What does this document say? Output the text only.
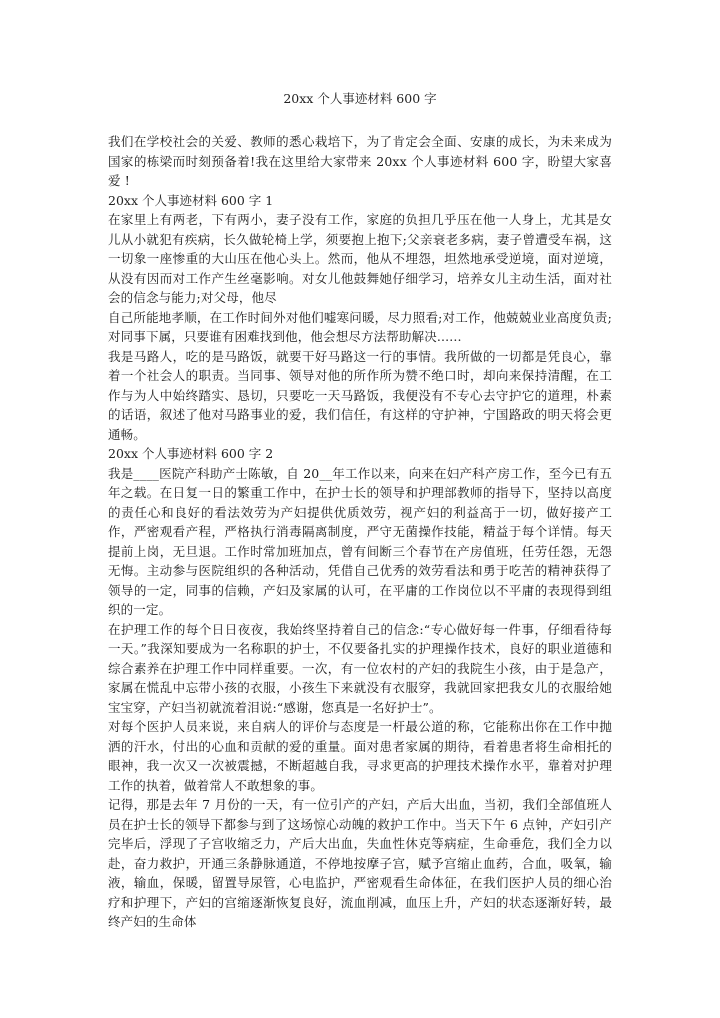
20xx 个人事迹材料 600 字

我们在学校社会的关爱、教师的悉心栽培下，为了肯定会全面、安康的成长，为未来成为国家的栋梁而时刻预备着!我在这里给大家带来 20xx 个人事迹材料 600 字，盼望大家喜爱 !

20xx 个人事迹材料 600 字 1

在家里上有两老，下有两小，妻子没有工作，家庭的负担几乎压在他一人身上，尤其是女儿从小就犯有疾病，长久做轮椅上学，须要抱上抱下;父亲衰老多病，妻子曾遭受车祸，这一切象一座惨重的大山压在他心头上。然而，他从不埋怨，坦然地承受逆境，面对逆境，从没有因而对工作产生丝毫影响。对女儿他鼓舞她仔细学习，培养女儿主动生活，面对社会的信念与能力;对父母，他尽

自己所能地孝顺，在工作时间外对他们嘘寒问暖，尽力照看;对工作，他兢兢业业高度负责;对同事下属，只要谁有困难找到他，他会想尽方法帮助解决......

我是马路人，吃的是马路饭，就要干好马路这一行的事情。我所做的一切都是凭良心，靠着一个社会人的职责。当同事、领导对他的所作所为赞不绝口时，却向来保持清醒，在工作与为人中始终踏实、恳切，只要吃一天马路饭，我便没有不专心去守护它的道理，朴素的话语，叙述了他对马路事业的爱，我们信任，有这样的守护神，宁国路政的明天将会更通畅。

20xx 个人事迹材料 600 字 2

我是____医院产科助产士陈敏，自 20__年工作以来，向来在妇产科产房工作，至今已有五年之载。在日复一日的繁重工作中，在护士长的领导和护理部教师的指导下，坚持以高度的责任心和良好的看法效劳为产妇提供优质效劳，视产妇的利益高于一切，做好接产工作，严密观看产程，严格执行消毒隔离制度，严守无菌操作技能，精益于每个详情。每天提前上岗，无旦退。工作时常加班加点，曾有间断三个春节在产房值班，任劳任怨，无怨无悔。主动参与医院组织的各种活动，凭借自己优秀的效劳看法和勇于吃苦的精神获得了领导的一定，同事的信赖，产妇及家属的认可，在平庸的工作岗位以不平庸的表现得到组织的一定。

在护理工作的每个日日夜夜，我始终坚持着自己的信念:“专心做好每一件事，仔细看待每一天。”我深知要成为一名称职的护士，不仅要备扎实的护理操作技术，良好的职业道德和综合素养在护理工作中同样重要。一次，有一位农村的产妇的我院生小孩，由于是急产，家属在慌乱中忘带小孩的衣服，小孩生下来就没有衣服穿，我就回家把我女儿的衣服给她宝宝穿，产妇当初就流着泪说:“感谢，您真是一名好护士”。

对每个医护人员来说，来自病人的评价与态度是一杆最公道的称，它能称出你在工作中抛洒的汗水，付出的心血和贡献的爱的重量。面对患者家属的期待，看着患者将生命相托的眼神，我一次又一次被震撼，不断超越自我，寻求更高的护理技术操作水平，靠着对护理工作的执着，做着常人不敢想象的事。

记得，那是去年 7 月份的一天，有一位引产的产妇，产后大出血，当初，我们全部值班人员在护士长的领导下都参与到了这场惊心动魄的救护工作中。当天下午 6 点钟，产妇引产完毕后，浮现了子宫收缩乏力，产后大出血，失血性休克等病症，生命垂危，我们全力以赴，奋力救护，开通三条静脉通道，不停地按摩子宫，赋予宫缩止血药，合血，吸氧，输液，输血，保暖，留置导尿管，心电监护，严密观看生命体征，在我们医护人员的细心治疗和护理下，产妇的宫缩逐渐恢复良好，流血削减，血压上升，产妇的状态逐渐好转，最终产妇的生命体
